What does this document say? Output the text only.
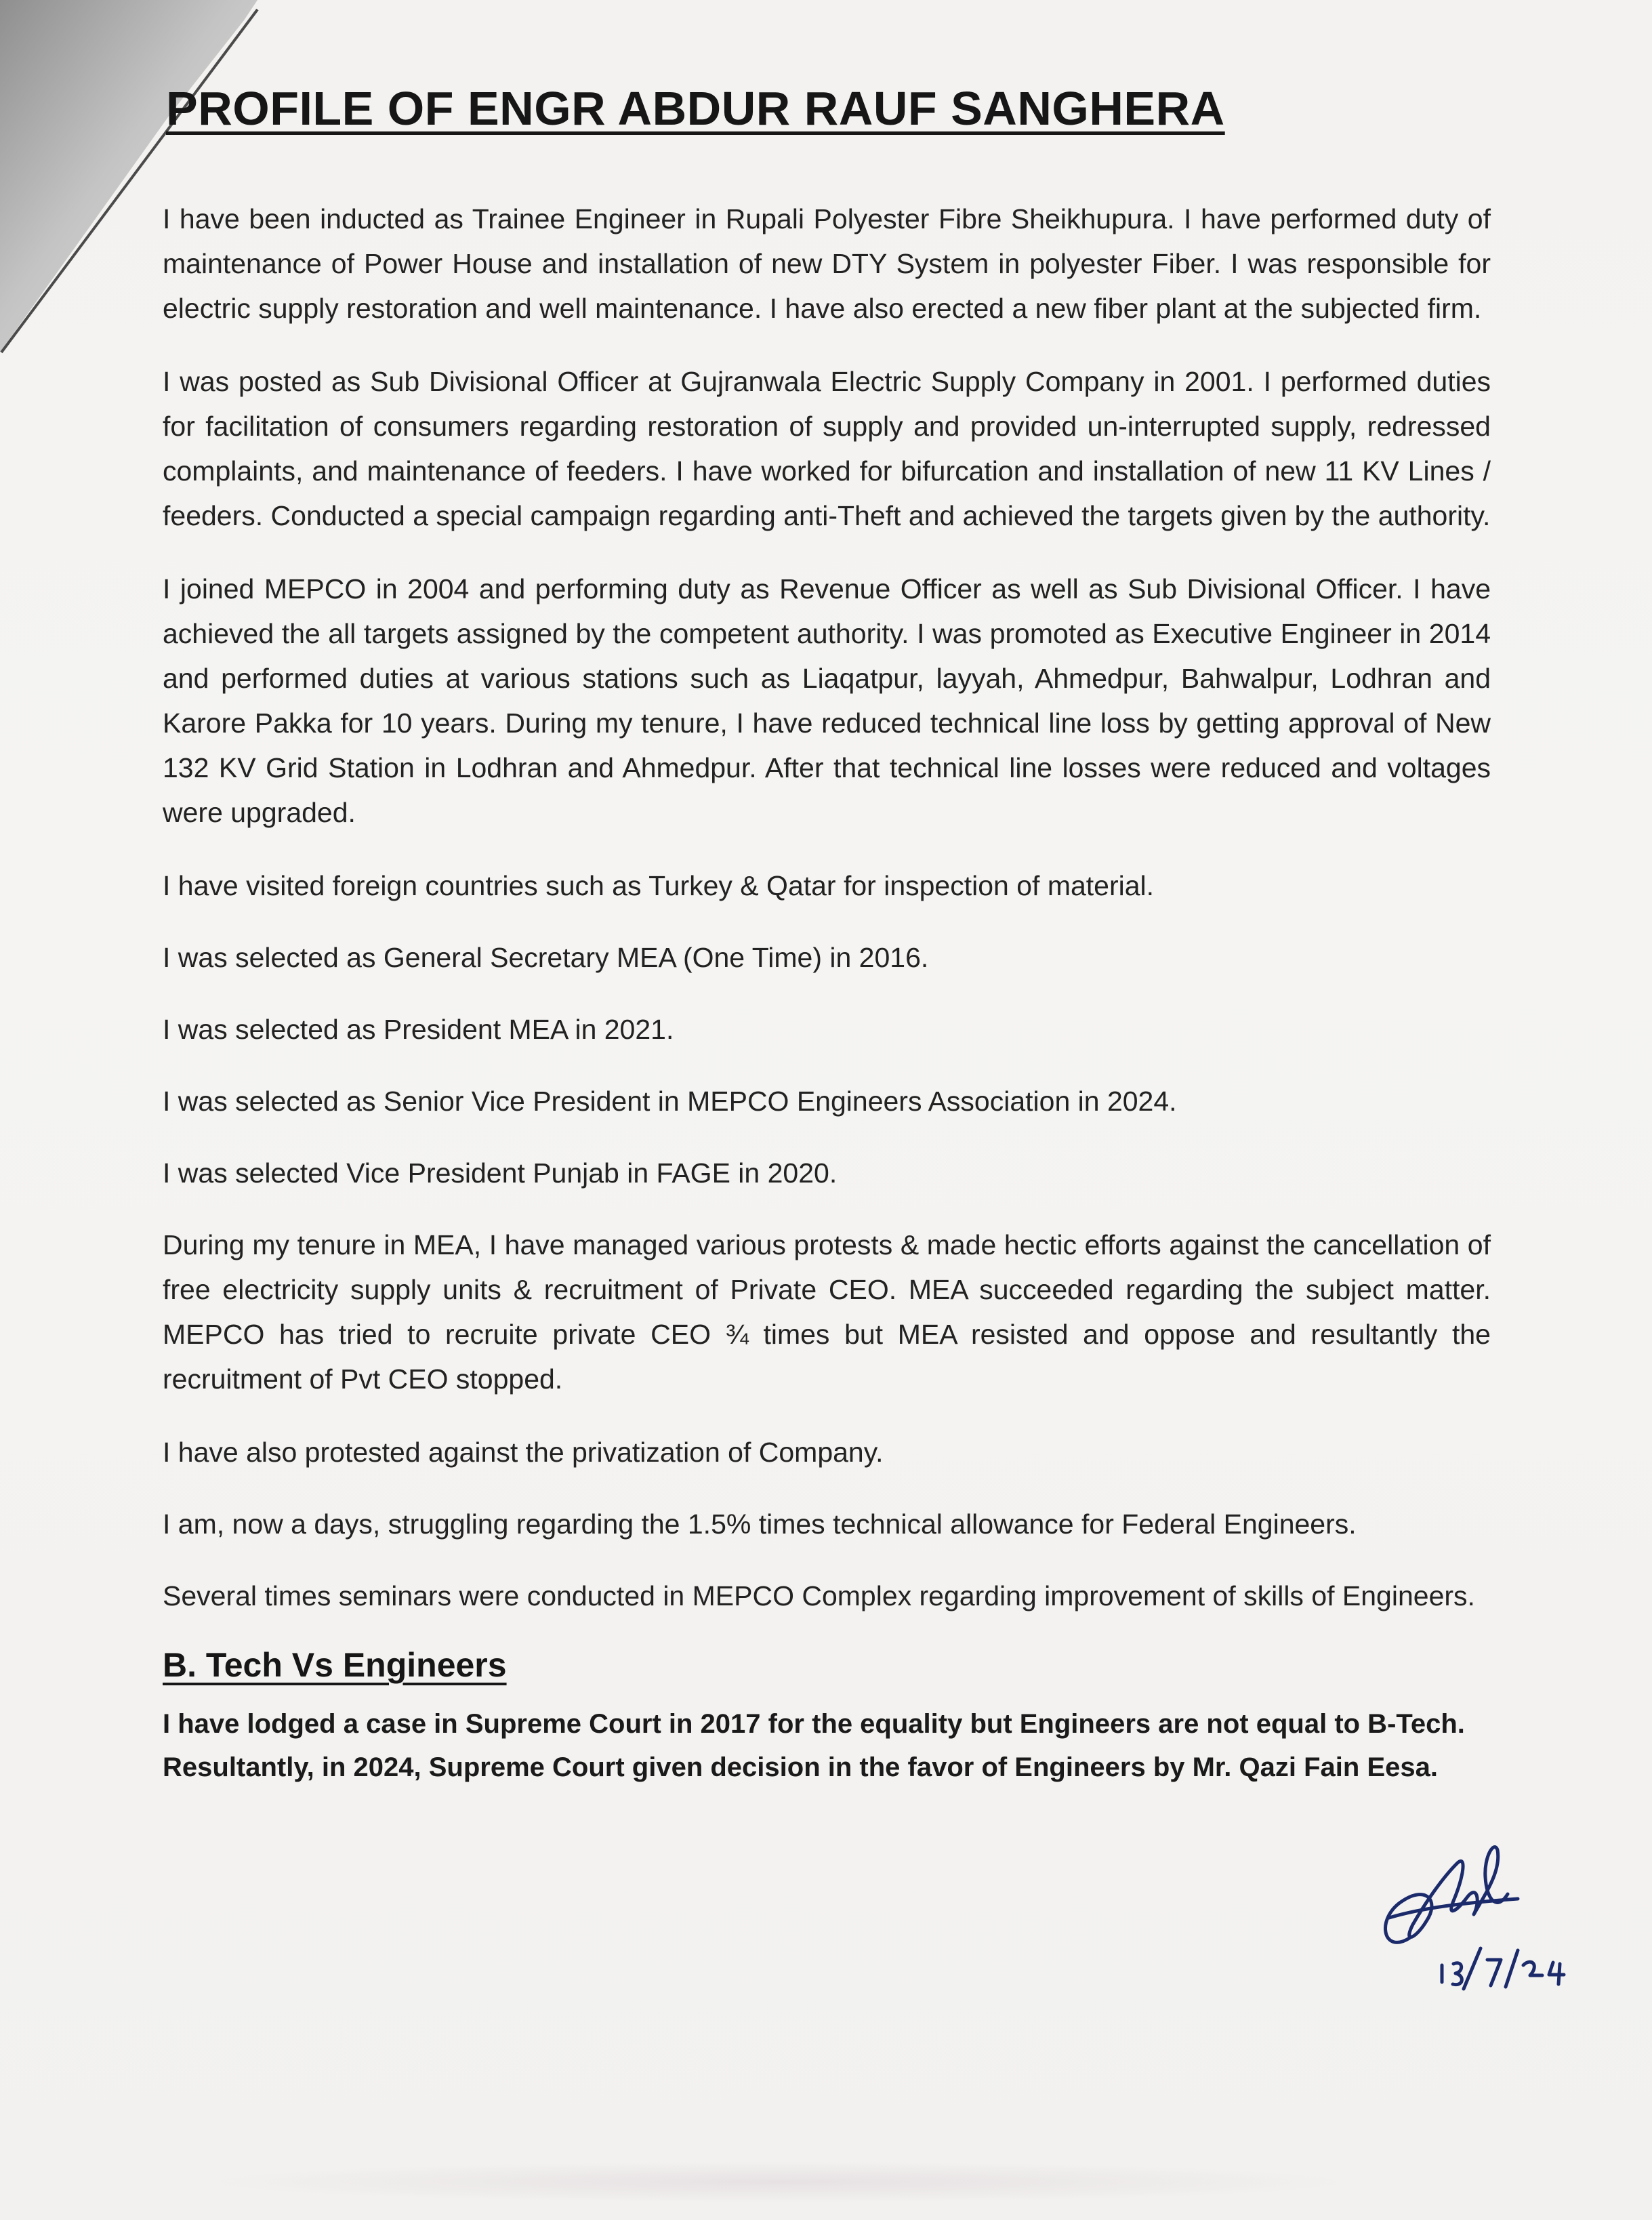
PROFILE OF ENGR ABDUR RAUF SANGHERA

I have been inducted as Trainee Engineer in Rupali Polyester Fibre Sheikhupura. I have performed duty of maintenance of Power House and installation of new DTY System in polyester Fiber. I was responsible for electric supply restoration and well maintenance. I have also erected a new fiber plant at the subjected firm.

I was posted as Sub Divisional Officer at Gujranwala Electric Supply Company in 2001. I performed duties for facilitation of consumers regarding restoration of supply and provided un-interrupted supply, redressed complaints, and maintenance of feeders. I have worked for bifurcation and installation of new 11 KV Lines / feeders. Conducted a special campaign regarding anti-Theft and achieved the targets given by the authority.

I joined MEPCO in 2004 and performing duty as Revenue Officer as well as Sub Divisional Officer. I have achieved the all targets assigned by the competent authority. I was promoted as Executive Engineer in 2014 and performed duties at various stations such as Liaqatpur, layyah, Ahmedpur, Bahwalpur, Lodhran and Karore Pakka for 10 years. During my tenure, I have reduced technical line loss by getting approval of New 132 KV Grid Station in Lodhran and Ahmedpur. After that technical line losses were reduced and voltages were upgraded.

I have visited foreign countries such as Turkey & Qatar for inspection of material.

I was selected as General Secretary MEA (One Time) in 2016.

I was selected as President MEA in 2021.

I was selected as Senior Vice President in MEPCO Engineers Association in 2024.

I was selected Vice President Punjab in FAGE in 2020.

During my tenure in MEA, I have managed various protests & made hectic efforts against the cancellation of free electricity supply units & recruitment of Private CEO. MEA succeeded regarding the subject matter. MEPCO has tried to recruite private CEO ¾ times but MEA resisted and oppose and resultantly the recruitment of Pvt CEO stopped.

I have also protested against the privatization of Company.

I am, now a days, struggling regarding the 1.5% times technical allowance for Federal Engineers.

Several times seminars were conducted in MEPCO Complex regarding improvement of skills of Engineers.

B. Tech Vs Engineers

I have lodged a case in Supreme Court in 2017 for the equality but Engineers are not equal to B-Tech. Resultantly, in 2024, Supreme Court given decision in the favor of Engineers by Mr. Qazi Fain Eesa.
